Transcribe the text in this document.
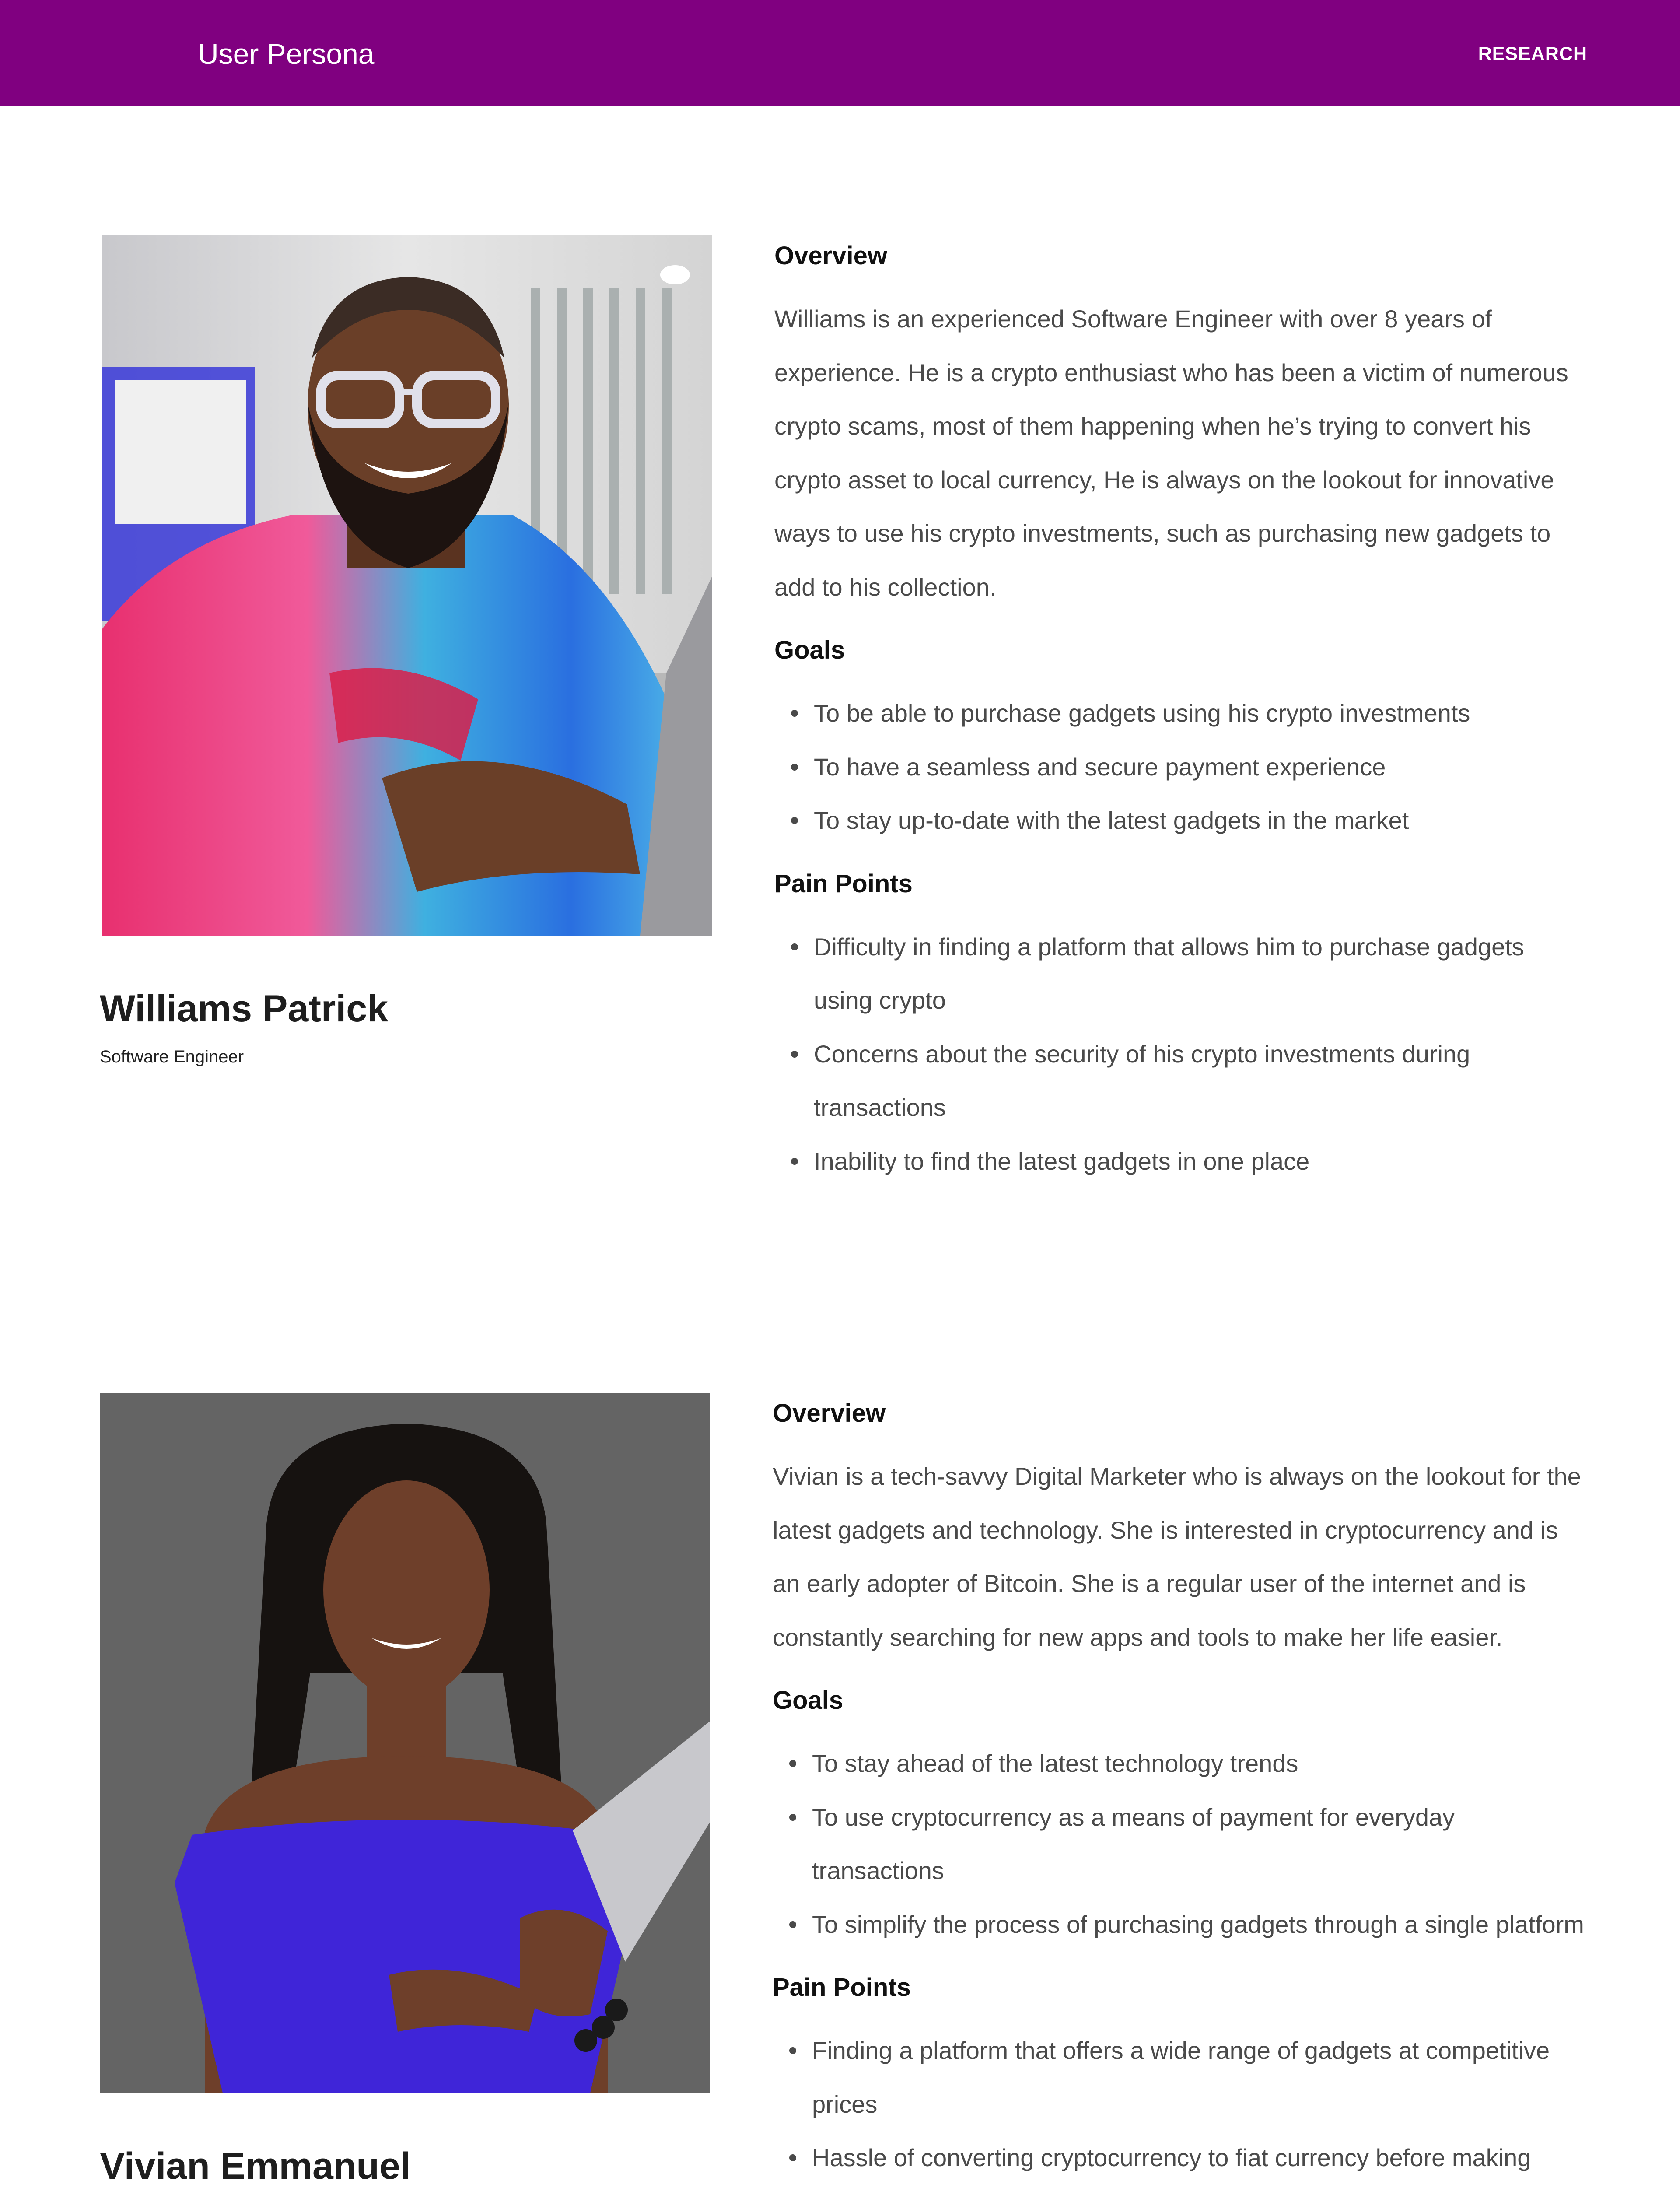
User Persona	RESEARCH
Williams Patrick
Software Engineer
Overview

Williams is an experienced Software Engineer with over 8 years of experience. He is a crypto enthusiast who has been a victim of numerous crypto scams, most of them happening when he’s trying to convert his crypto asset to local currency, He is always on the lookout for innovative ways to use his crypto investments, such as purchasing new gadgets to add to his collection.

Goals
To be able to purchase gadgets using his crypto investments
To have a seamless and secure payment experience
To stay up-to-date with the latest gadgets in the market
Pain Points
Difficulty in finding a platform that allows him to purchase gadgets using crypto
Concerns about the security of his crypto investments during transactions
Inability to find the latest gadgets in one place
Vivian Emmanuel
Overview

Vivian is a tech-savvy Digital Marketer who is always on the lookout for the latest gadgets and technology. She is interested in cryptocurrency and is an early adopter of Bitcoin. She is a regular user of the internet and is constantly searching for new apps and tools to make her life easier.

Goals
To stay ahead of the latest technology trends
To use cryptocurrency as a means of payment for everyday transactions
To simplify the process of purchasing gadgets through a single platform
Pain Points
Finding a platform that offers a wide range of gadgets at competitive prices
Hassle of converting cryptocurrency to fiat currency before making
